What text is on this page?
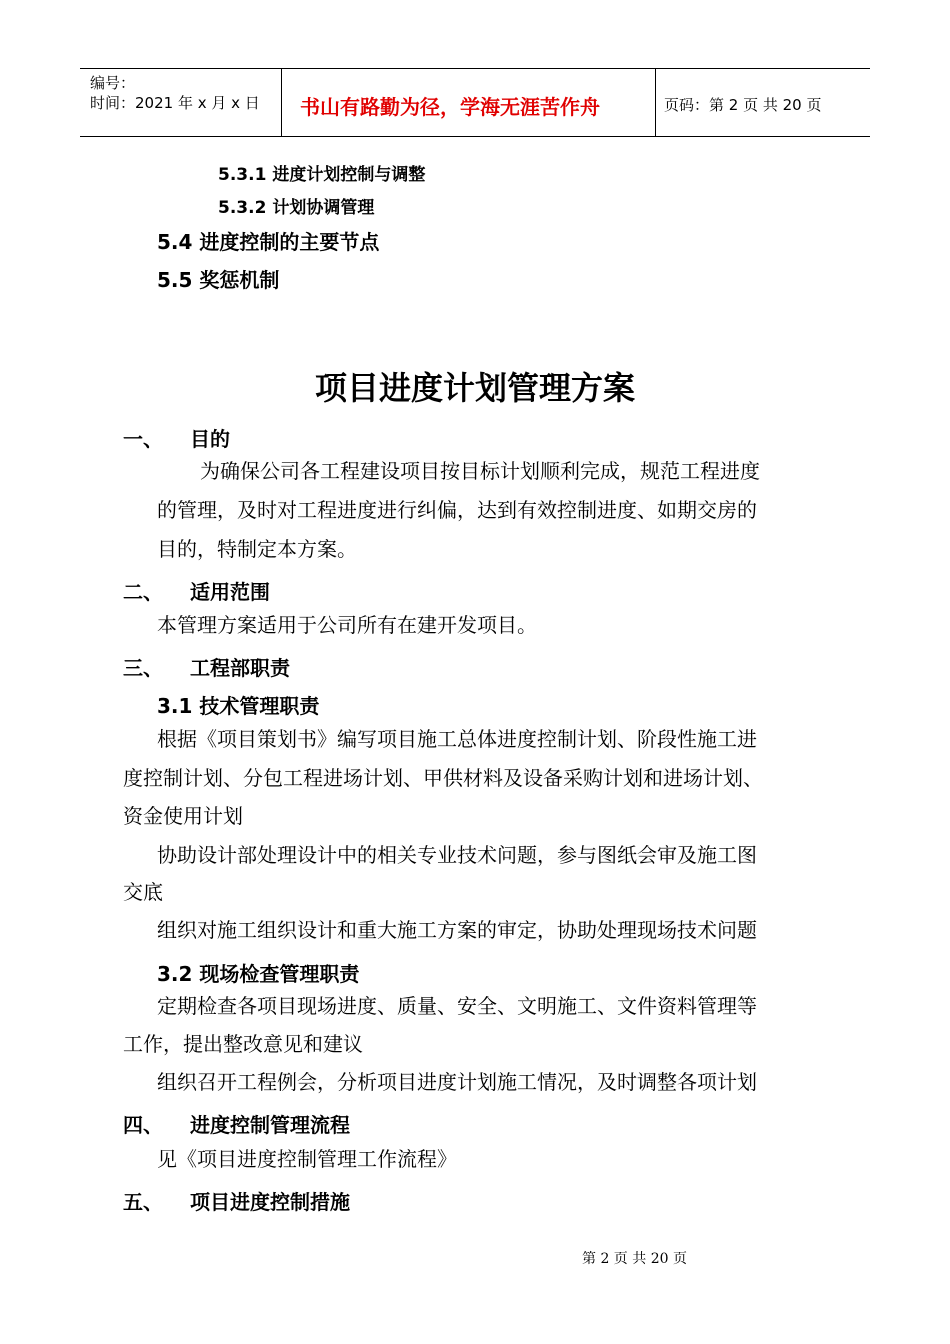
编号：
时间：2021 年 x 月 x 日 书山有路勤为径，学海无涯苦作舟	页码：第 2 页 共 20 页
5.3.1 进度计划控制与调整
5.3.2 计划协调管理
5.4 进度控制的主要节点
5.5 奖惩机制
项目进度计划管理方案
一、 目的
为确保公司各工程建设项目按目标计划顺利完成，规范工程进度
的管理，及时对工程进度进行纠偏，达到有效控制进度、如期交房的
目的，特制定本方案。
二、 适用范围
本管理方案适用于公司所有在建开发项目。
三、 工程部职责
3.1 技术管理职责
根据《项目策划书》编写项目施工总体进度控制计划、阶段性施工进
度控制计划、分包工程进场计划、甲供材料及设备采购计划和进场计划、
资金使用计划
协助设计部处理设计中的相关专业技术问题，参与图纸会审及施工图
交底
组织对施工组织设计和重大施工方案的审定，协助处理现场技术问题
3.2 现场检查管理职责
定期检查各项目现场进度、质量、安全、文明施工、文件资料管理等
工作，提出整改意见和建议
组织召开工程例会，分析项目进度计划施工情况，及时调整各项计划
四、 进度控制管理流程
见《项目进度控制管理工作流程》
五、 项目进度控制措施
第 2 页 共 20 页
